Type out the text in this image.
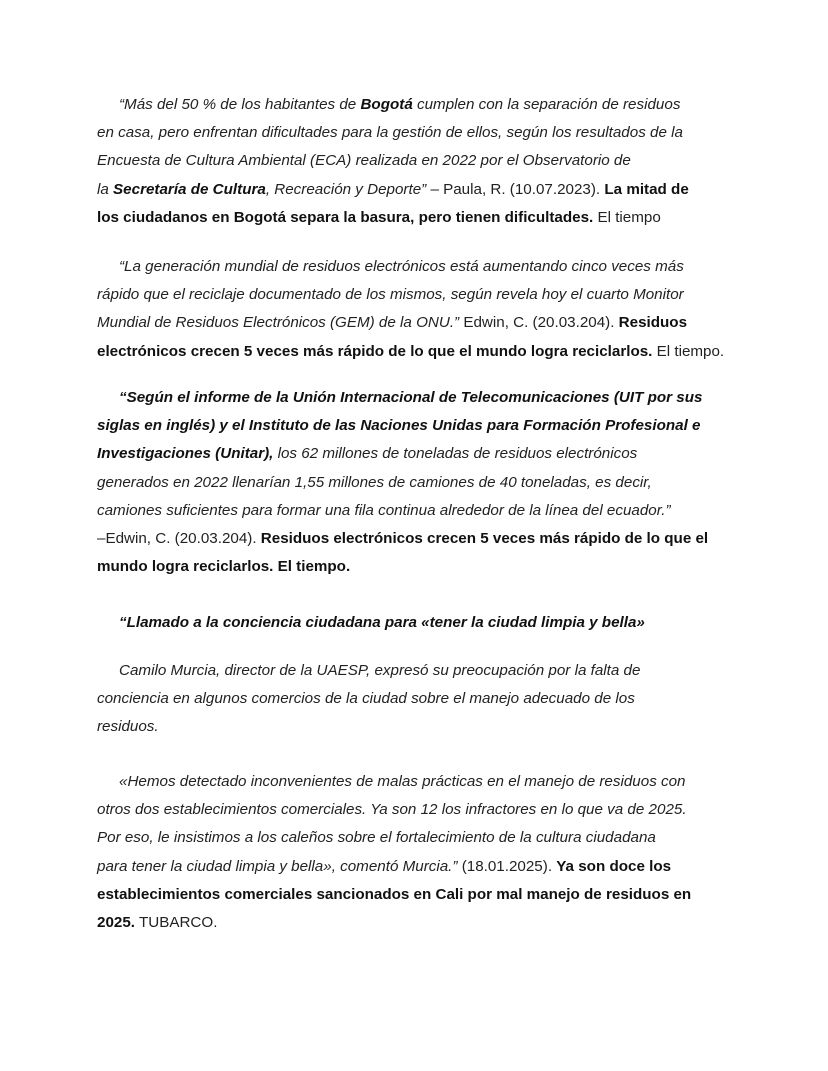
“Más del 50 % de los habitantes de Bogotá cumplen con la separación de residuos
en casa, pero enfrentan dificultades para la gestión de ellos, según los resultados de la
Encuesta de Cultura Ambiental (ECA) realizada en 2022 por el Observatorio de
la Secretaría de Cultura, Recreación y Deporte” – Paula, R. (10.07.2023). La mitad de
los ciudadanos en Bogotá separa la basura, pero tienen dificultades. El tiempo
“La generación mundial de residuos electrónicos está aumentando cinco veces más
rápido que el reciclaje documentado de los mismos, según revela hoy el cuarto Monitor
Mundial de Residuos Electrónicos (GEM) de la ONU.” Edwin, C. (20.03.204). Residuos
electrónicos crecen 5 veces más rápido de lo que el mundo logra reciclarlos. El tiempo.
“Según el informe de la Unión Internacional de Telecomunicaciones (UIT por sus
siglas en inglés) y el Instituto de las Naciones Unidas para Formación Profesional e
Investigaciones (Unitar), los 62 millones de toneladas de residuos electrónicos
generados en 2022 llenarían 1,55 millones de camiones de 40 toneladas, es decir,
camiones suficientes para formar una fila continua alrededor de la línea del ecuador.”
–Edwin, C. (20.03.204). Residuos electrónicos crecen 5 veces más rápido de lo que el
mundo logra reciclarlos. El tiempo.
“Llamado a la conciencia ciudadana para «tener la ciudad limpia y bella»
Camilo Murcia, director de la UAESP, expresó su preocupación por la falta de
conciencia en algunos comercios de la ciudad sobre el manejo adecuado de los
residuos.
«Hemos detectado inconvenientes de malas prácticas en el manejo de residuos con
otros dos establecimientos comerciales. Ya son 12 los infractores en lo que va de 2025.
Por eso, le insistimos a los caleños sobre el fortalecimiento de la cultura ciudadana
para tener la ciudad limpia y bella», comentó Murcia.” (18.01.2025). Ya son doce los
establecimientos comerciales sancionados en Cali por mal manejo de residuos en
2025. TUBARCO.
